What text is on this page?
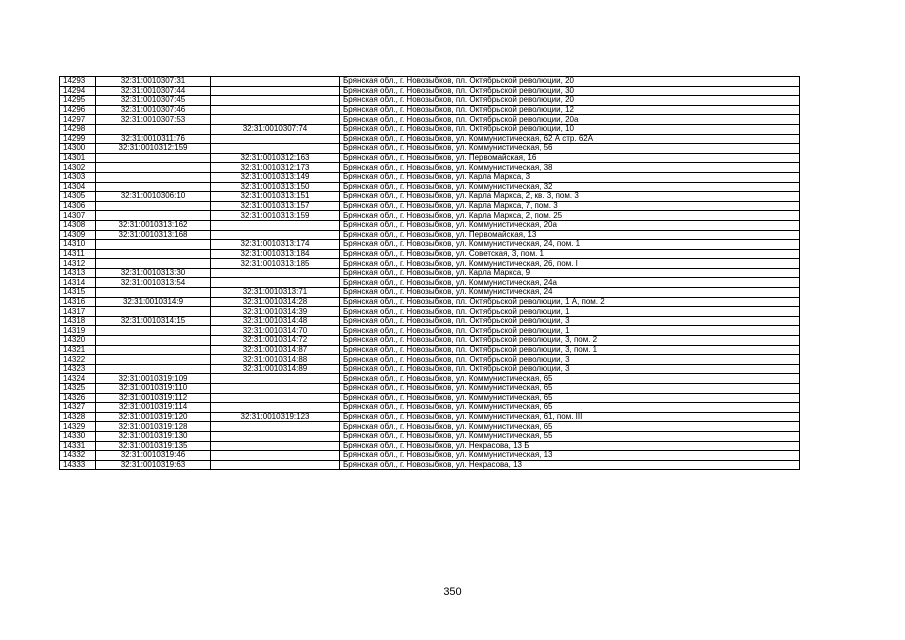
14293	32:31:0010307:31		Брянская обл., г. Новозыбков, пл. Октябрьской революции, 20
14294	32:31:0010307:44		Брянская обл., г. Новозыбков, пл. Октябрьской революции, 30
14295	32:31:0010307:45		Брянская обл., г. Новозыбков, пл. Октябрьской революции, 20
14296	32:31:0010307:46		Брянская обл., г. Новозыбков, пл. Октябрьской революции, 12
14297	32:31:0010307:53		Брянская обл., г. Новозыбков, пл. Октябрьской революции, 20а
14298		32:31:0010307:74	Брянская обл., г. Новозыбков, пл. Октябрьской революции, 10
14299	32:31:0010311:76		Брянская обл., г. Новозыбков, ул. Коммунистическая, 62 А стр. 62А
14300	32:31:0010312:159		Брянская обл., г. Новозыбков, ул. Коммунистическая, 56
14301		32:31:0010312:163	Брянская обл., г. Новозыбков, ул. Первомайская, 16
14302		32:31:0010312:173	Брянская обл., г. Новозыбков, ул. Коммунистическая, 38
14303		32:31:0010313:149	Брянская обл., г. Новозыбков, ул. Карла Маркса, 3
14304		32:31:0010313:150	Брянская обл., г. Новозыбков, ул. Коммунистическая, 32
14305	32:31:0010306:10	32:31:0010313:151	Брянская обл., г. Новозыбков, ул. Карла Маркса, 2, кв. 3, пом. 3
14306		32:31:0010313:157	Брянская обл., г. Новозыбков, ул. Карла Маркса, 7, пом. 3
14307		32:31:0010313:159	Брянская обл., г. Новозыбков, ул. Карла Маркса, 2, пом. 25
14308	32:31:0010313:162		Брянская обл., г. Новозыбков, ул. Коммунистическая, 20а
14309	32:31:0010313:168		Брянская обл., г. Новозыбков, ул. Первомайская, 13
14310		32:31:0010313:174	Брянская обл., г. Новозыбков, ул. Коммунистическая, 24, пом. 1
14311		32:31:0010313:184	Брянская обл., г. Новозыбков, ул. Советская, 3, пом. 1
14312		32:31:0010313:185	Брянская обл., г. Новозыбков, ул. Коммунистическая, 26, пом. I
14313	32:31:0010313:30		Брянская обл., г. Новозыбков, ул. Карла Маркса, 9
14314	32:31:0010313:54		Брянская обл., г. Новозыбков, ул. Коммунистическая, 24а
14315		32:31:0010313:71	Брянская обл., г. Новозыбков, ул. Коммунистическая, 24
14316	32:31:0010314:9	32:31:0010314:28	Брянская обл., г. Новозыбков, пл. Октябрьской революции, 1 А, пом. 2
14317		32:31:0010314:39	Брянская обл., г. Новозыбков, пл. Октябрьской революции, 1
14318	32:31:0010314:15	32:31:0010314:48	Брянская обл., г. Новозыбков, пл. Октябрьской революции, 3
14319		32:31:0010314:70	Брянская обл., г. Новозыбков, пл. Октябрьской революции, 1
14320		32:31:0010314:72	Брянская обл., г. Новозыбков, пл. Октябрьской революции, 3, пом. 2
14321		32:31:0010314:87	Брянская обл., г. Новозыбков, пл. Октябрьской революции, 3, пом. 1
14322		32:31:0010314:88	Брянская обл., г. Новозыбков, пл. Октябрьской революции, 3
14323		32:31:0010314:89	Брянская обл., г. Новозыбков, пл. Октябрьской революции, 3
14324	32:31:0010319:109		Брянская обл., г. Новозыбков, ул. Коммунистическая, 65
14325	32:31:0010319:110		Брянская обл., г. Новозыбков, ул. Коммунистическая, 65
14326	32:31:0010319:112		Брянская обл., г. Новозыбков, ул. Коммунистическая, 65
14327	32:31:0010319:114		Брянская обл., г. Новозыбков, ул. Коммунистическая, 65
14328	32:31:0010319:120	32:31:0010319:123	Брянская обл., г. Новозыбков, ул. Коммунистическая, 61, пом. III
14329	32:31:0010319:128		Брянская обл., г. Новозыбков, ул. Коммунистическая, 65
14330	32:31:0010319:130		Брянская обл., г. Новозыбков, ул. Коммунистическая, 55
14331	32:31:0010319:135		Брянская обл., г. Новозыбков, ул. Некрасова, 13 Б
14332	32:31:0010319:46		Брянская обл., г. Новозыбков, ул. Коммунистическая, 13
14333	32:31:0010319:63		Брянская обл., г. Новозыбков, ул. Некрасова, 13
350
